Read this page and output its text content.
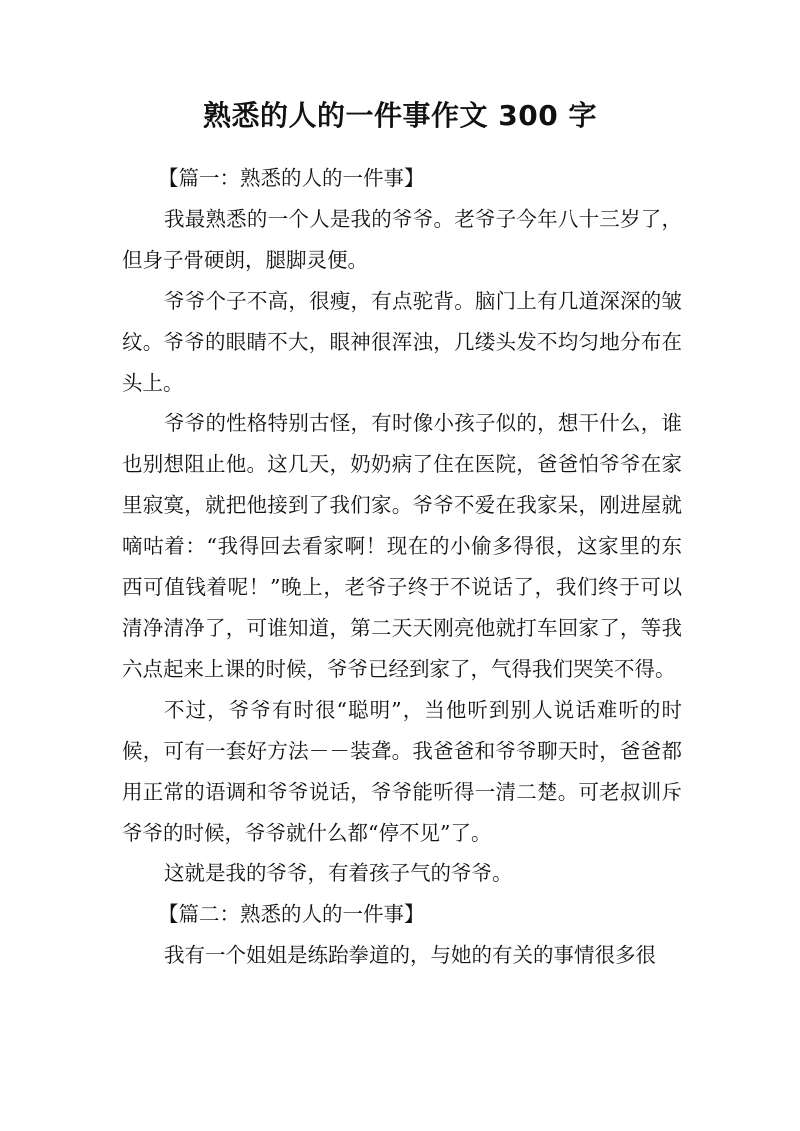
熟悉的人的一件事作文 300 字

【篇一：熟悉的人的一件事】

我最熟悉的一个人是我的爷爷。老爷子今年八十三岁了，但身子骨硬朗，腿脚灵便。

爷爷个子不高，很瘦，有点驼背。脑门上有几道深深的皱纹。爷爷的眼睛不大，眼神很浑浊，几缕头发不均匀地分布在头上。

爷爷的性格特别古怪，有时像小孩子似的，想干什么，谁也别想阻止他。这几天，奶奶病了住在医院，爸爸怕爷爷在家里寂寞，就把他接到了我们家。爷爷不爱在我家呆，刚进屋就嘀咕着：“我得回去看家啊！现在的小偷多得很，这家里的东西可值钱着呢！”晚上，老爷子终于不说话了，我们终于可以清净清净了，可谁知道，第二天天刚亮他就打车回家了，等我六点起来上课的时候，爷爷已经到家了，气得我们哭笑不得。

不过，爷爷有时很“聪明”，当他听到别人说话难听的时候，可有一套好方法－－装聋。我爸爸和爷爷聊天时，爸爸都用正常的语调和爷爷说话，爷爷能听得一清二楚。可老叔训斥爷爷的时候，爷爷就什么都“停不见”了。

这就是我的爷爷，有着孩子气的爷爷。

【篇二：熟悉的人的一件事】

我有一个姐姐是练跆拳道的，与她的有关的事情很多很
